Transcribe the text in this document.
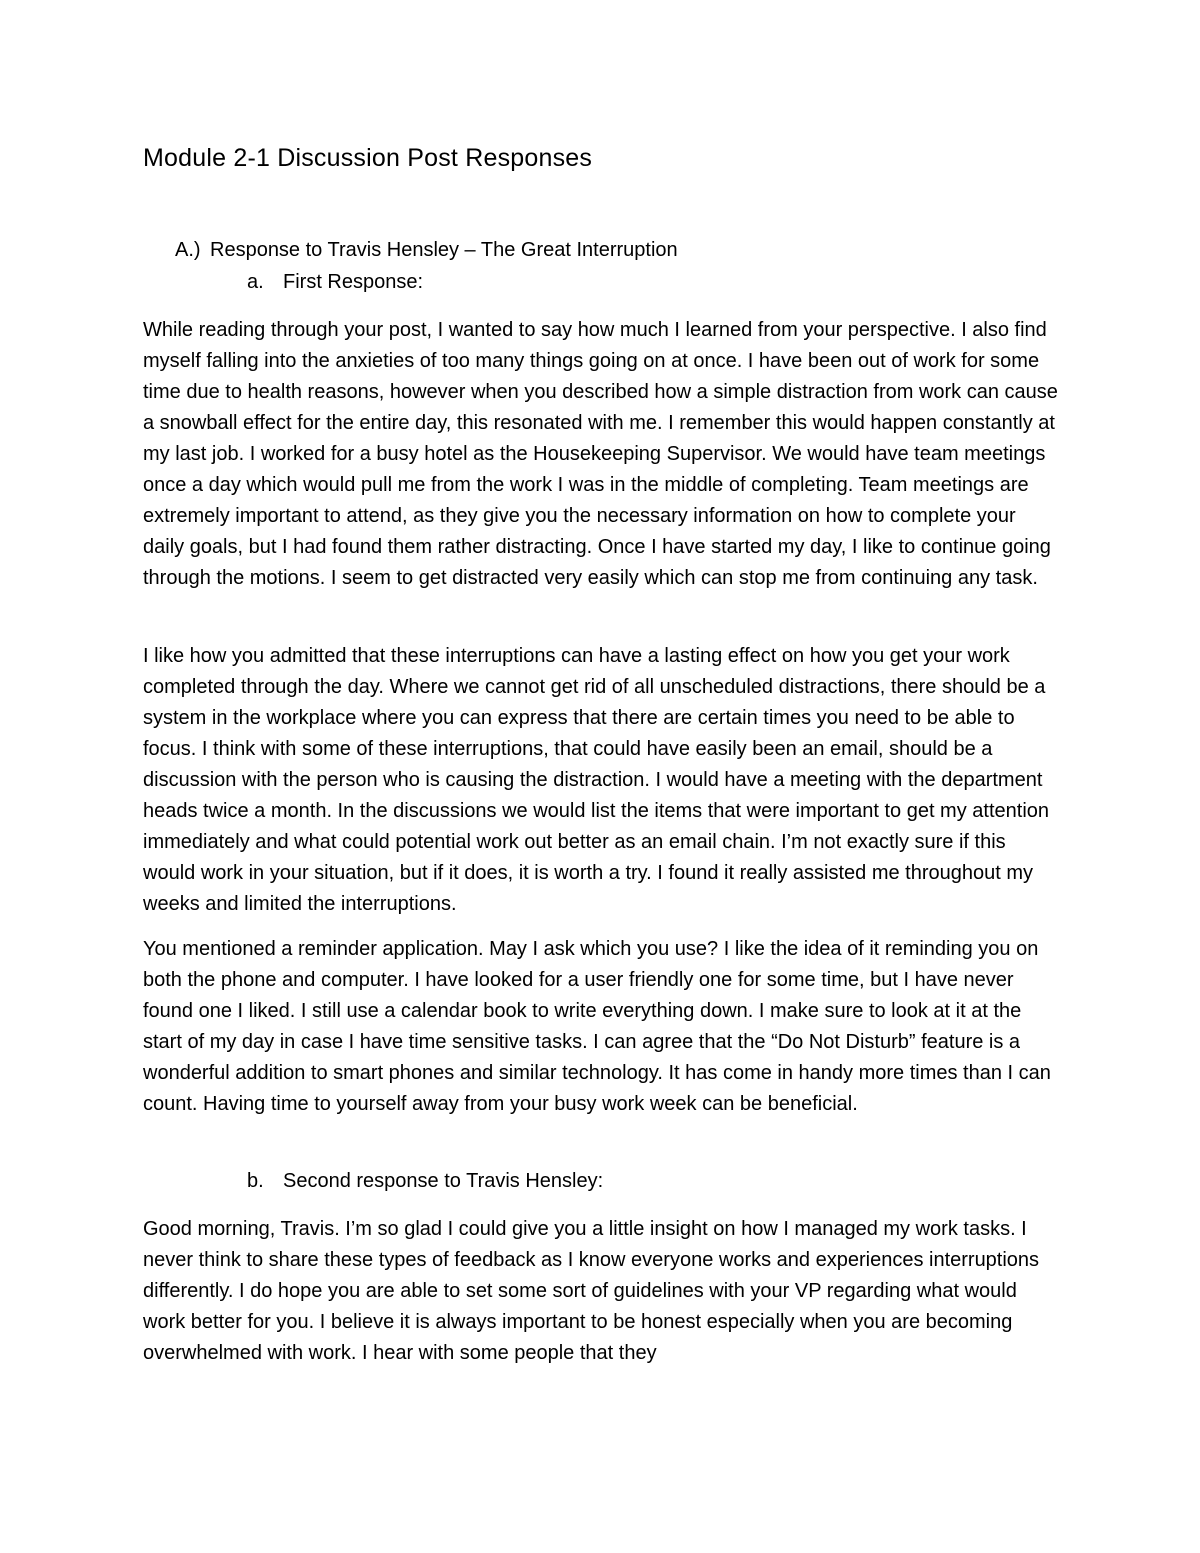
Module 2-1 Discussion Post Responses
A.) Response to Travis Hensley – The Great Interruption
a. First Response:

While reading through your post, I wanted to say how much I learned from your perspective. I also find myself falling into the anxieties of too many things going on at once. I have been out of work for some time due to health reasons, however when you described how a simple distraction from work can cause a snowball effect for the entire day, this resonated with me. I remember this would happen constantly at my last job. I worked for a busy hotel as the Housekeeping Supervisor. We would have team meetings once a day which would pull me from the work I was in the middle of completing. Team meetings are extremely important to attend, as they give you the necessary information on how to complete your daily goals, but I had found them rather distracting. Once I have started my day, I like to continue going through the motions. I seem to get distracted very easily which can stop me from continuing any task.

I like how you admitted that these interruptions can have a lasting effect on how you get your work completed through the day. Where we cannot get rid of all unscheduled distractions, there should be a system in the workplace where you can express that there are certain times you need to be able to focus. I think with some of these interruptions, that could have easily been an email, should be a discussion with the person who is causing the distraction. I would have a meeting with the department heads twice a month. In the discussions we would list the items that were important to get my attention immediately and what could potential work out better as an email chain. I’m not exactly sure if this would work in your situation, but if it does, it is worth a try. I found it really assisted me throughout my weeks and limited the interruptions.

You mentioned a reminder application. May I ask which you use? I like the idea of it reminding you on both the phone and computer. I have looked for a user friendly one for some time, but I have never found one I liked. I still use a calendar book to write everything down. I make sure to look at it at the start of my day in case I have time sensitive tasks. I can agree that the “Do Not Disturb” feature is a wonderful addition to smart phones and similar technology. It has come in handy more times than I can count. Having time to yourself away from your busy work week can be beneficial.

b. Second response to Travis Hensley:

Good morning, Travis. I’m so glad I could give you a little insight on how I managed my work tasks. I never think to share these types of feedback as I know everyone works and experiences interruptions differently. I do hope you are able to set some sort of guidelines with your VP regarding what would work better for you. I believe it is always important to be honest especially when you are becoming overwhelmed with work. I hear with some people that they
